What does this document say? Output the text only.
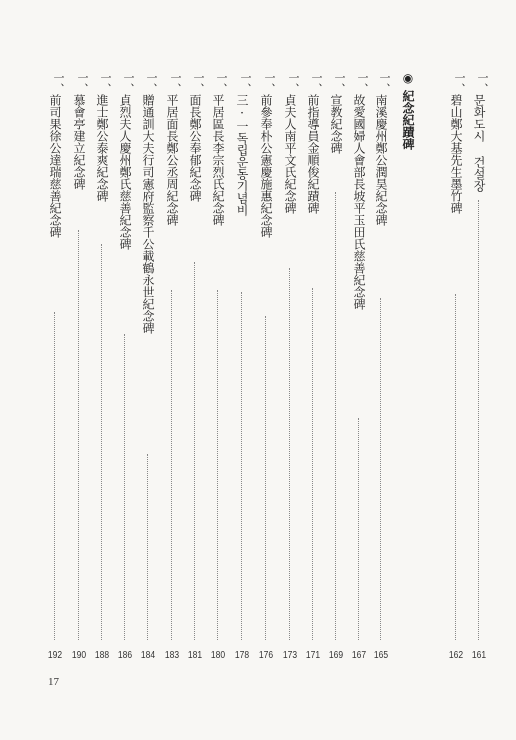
一、
문화도시 건설장
161
一、
碧山鄭大基先生墨竹碑
162
◉
紀念紀蹟碑
一、
南溪慶州鄭公潤昊紀念碑
165
一、
故愛國婦人會部長坡平玉田氏慈善紀念碑
167
一、
宣教紀念碑
169
一、
前指導員金順俊紀蹟碑
171
一、
貞夫人南平文氏紀念碑
173
一、
前參奉朴公憲慶施惠紀念碑
176
一、
三·一독립운동기념비
178
一、
平居區長李宗烈氏紀念碑
180
一、
面長鄭公奉郁紀念碑
181
一、
平居面長鄭公丞周紀念碑
183
一、
贈通訓大夫行司憲府監察千公載鶴永世紀念碑
184
一、
貞烈夫人慶州鄭氏慈善紀念碑
186
一、
進士鄭公泰爽紀念碑
188
一、
慕會亭建立紀念碑
190
一、
前司果徐公達瑞慈善紀念碑
192
17
